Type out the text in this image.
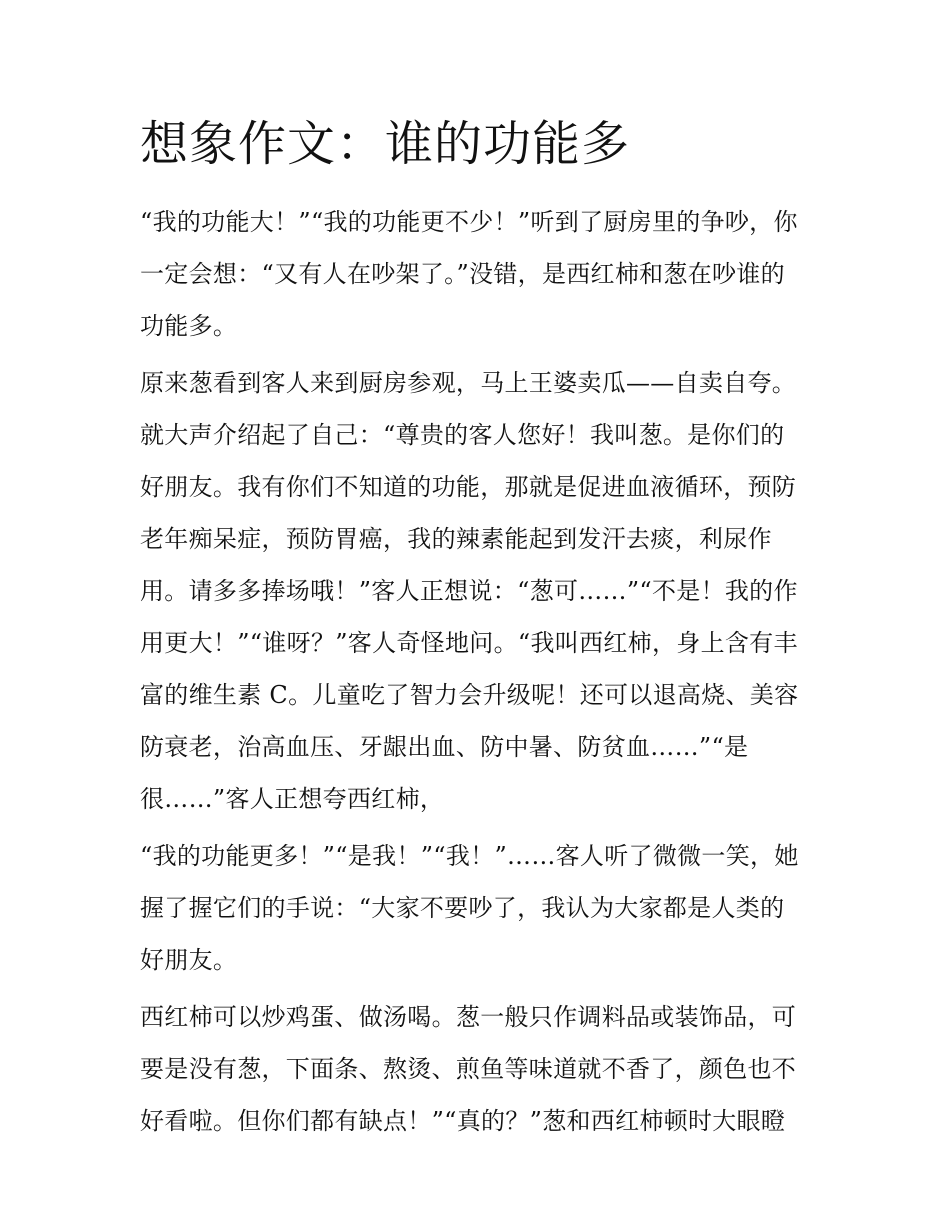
想象作文：谁的功能多

“我的功能大！”“我的功能更不少！”听到了厨房里的争吵，你
一定会想：“又有人在吵架了。”没错，是西红柿和葱在吵谁的
功能多。

原来葱看到客人来到厨房参观，马上王婆卖瓜——自卖自夸。
就大声介绍起了自己：“尊贵的客人您好！我叫葱。是你们的
好朋友。我有你们不知道的功能，那就是促进血液循环，预防
老年痴呆症，预防胃癌，我的辣素能起到发汗去痰，利尿作
用。请多多捧场哦！”客人正想说：“葱可……”“不是！我的作
用更大！”“谁呀？”客人奇怪地问。“我叫西红柿，身上含有丰
富的维生素 C。儿童吃了智力会升级呢！还可以退高烧、美容
防衰老，治高血压、牙龈出血、防中暑、防贫血……”“是
很……”客人正想夸西红柿，

“我的功能更多！”“是我！”“我！”……客人听了微微一笑，她
握了握它们的手说：“大家不要吵了，我认为大家都是人类的
好朋友。

西红柿可以炒鸡蛋、做汤喝。葱一般只作调料品或装饰品，可
要是没有葱，下面条、熬烫、煎鱼等味道就不香了，颜色也不
好看啦。但你们都有缺点！”“真的？”葱和西红柿顿时大眼瞪
